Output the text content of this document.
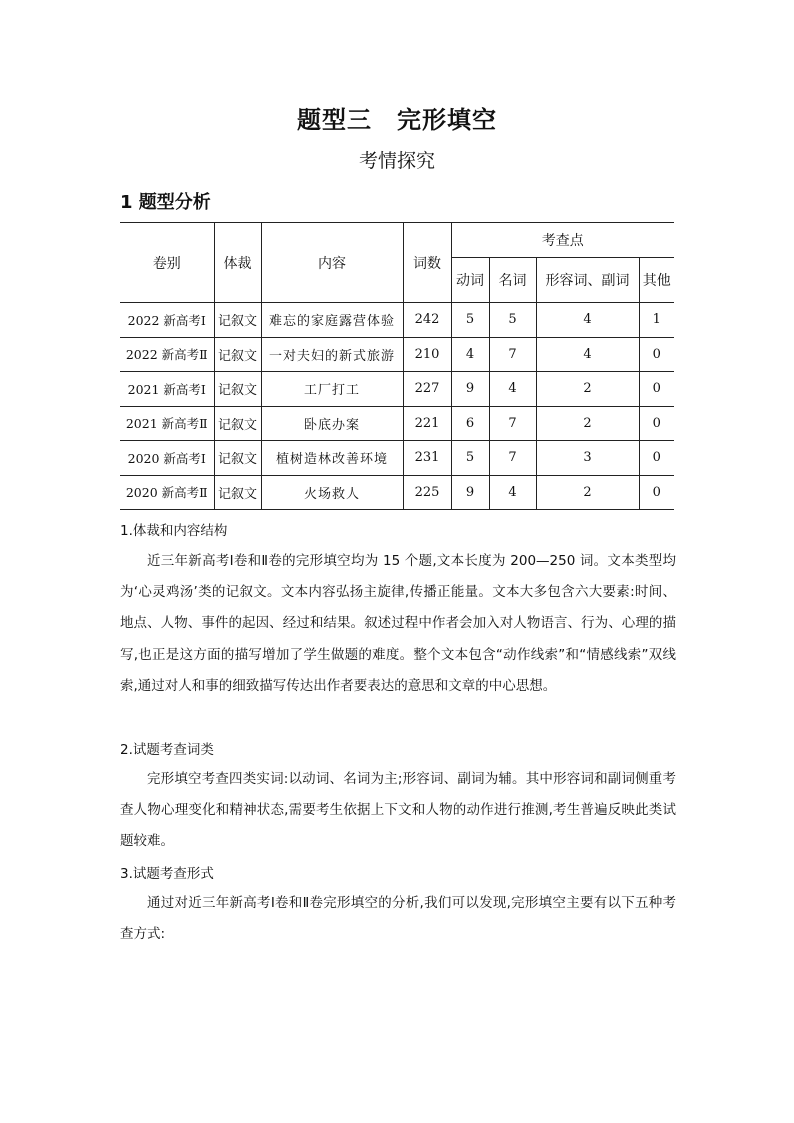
题型三　完形填空
考情探究
1 题型分析
卷别	体裁	内容	词数	考查点			
				动词	名词	形容词、副词	其他
2022 新高考Ⅰ	记叙文	难忘的家庭露营体验	242	5	5	4	1
2022 新高考Ⅱ	记叙文	一对夫妇的新式旅游	210	4	7	4	0
2021 新高考Ⅰ	记叙文	工厂打工	227	9	4	2	0
2021 新高考Ⅱ	记叙文	卧底办案	221	6	7	2	0
2020 新高考Ⅰ	记叙文	植树造林改善环境	231	5	7	3	0
2020 新高考Ⅱ	记叙文	火场救人	225	9	4	2	0
1.体裁和内容结构
近三年新高考Ⅰ卷和Ⅱ卷的完形填空均为 15 个题,文本长度为 200—250 词。文本类型均为‘心灵鸡汤’类的记叙文。文本内容弘扬主旋律,传播正能量。文本大多包含六大要素:时间、地点、人物、事件的起因、经过和结果。叙述过程中作者会加入对人物语言、行为、心理的描写,也正是这方面的描写增加了学生做题的难度。整个文本包含“动作线索”和“情感线索”双线索,通过对人和事的细致描写传达出作者要表达的意思和文章的中心思想。
2.试题考查词类
完形填空考查四类实词:以动词、名词为主;形容词、副词为辅。其中形容词和副词侧重考查人物心理变化和精神状态,需要考生依据上下文和人物的动作进行推测,考生普遍反映此类试题较难。
3.试题考查形式
通过对近三年新高考Ⅰ卷和Ⅱ卷完形填空的分析,我们可以发现,完形填空主要有以下五种考查方式:
